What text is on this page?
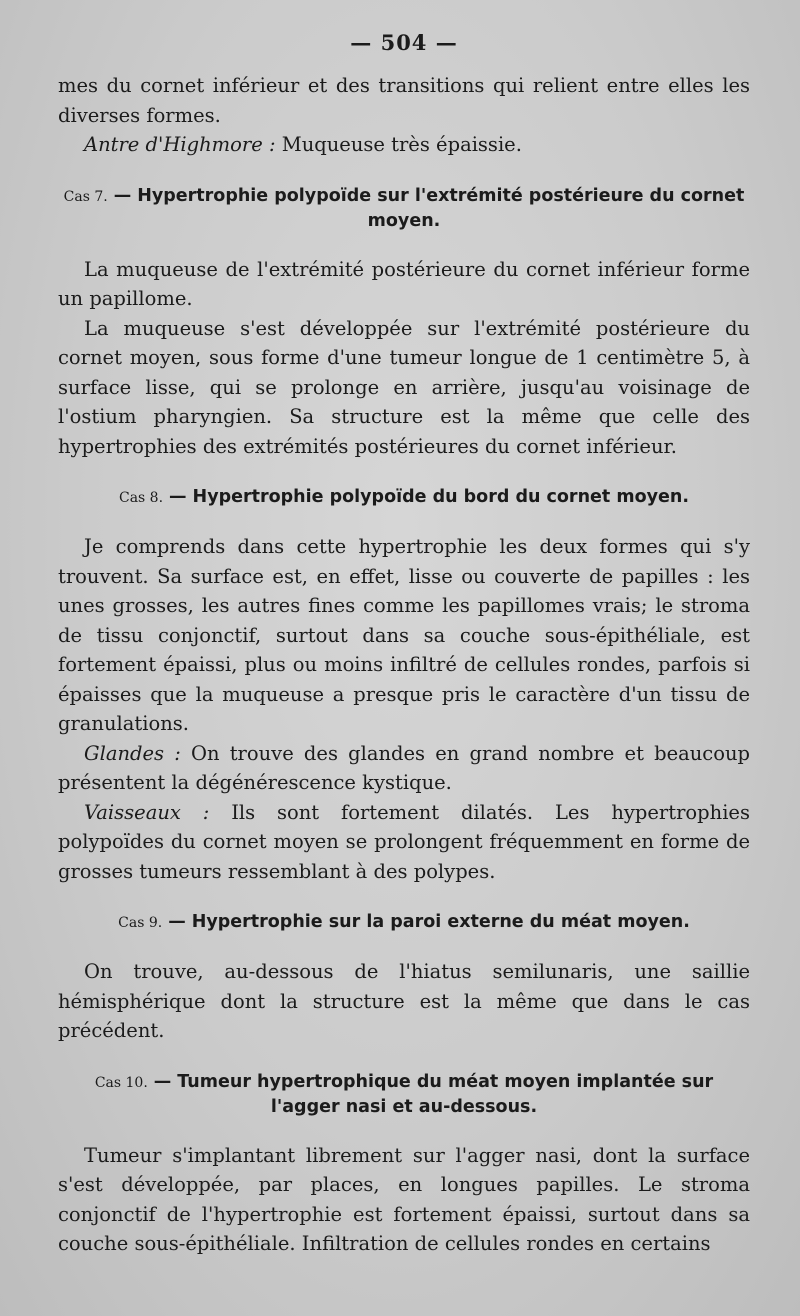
— 504 —

mes du cornet inférieur et des transitions qui relient entre elles les diverses formes.

Antre d'Highmore : Muqueuse très épaissie.

Cas 7. — Hypertrophie polypoïde sur l'extrémité postérieure du cornet moyen.

La muqueuse de l'extrémité postérieure du cornet inférieur forme un papillome.

La muqueuse s'est développée sur l'extrémité postérieure du cornet moyen, sous forme d'une tumeur longue de 1 centimètre 5, à surface lisse, qui se prolonge en arrière, jusqu'au voisinage de l'ostium pharyngien. Sa structure est la même que celle des hypertrophies des extrémités postérieures du cornet inférieur.

Cas 8. — Hypertrophie polypoïde du bord du cornet moyen.

Je comprends dans cette hypertrophie les deux formes qui s'y trouvent. Sa surface est, en effet, lisse ou couverte de papilles : les unes grosses, les autres fines comme les papillomes vrais; le stroma de tissu conjonctif, surtout dans sa couche sous-épithéliale, est fortement épaissi, plus ou moins infiltré de cellules rondes, parfois si épaisses que la muqueuse a presque pris le caractère d'un tissu de granulations.

Glandes : On trouve des glandes en grand nombre et beaucoup présentent la dégénérescence kystique.

Vaisseaux : Ils sont fortement dilatés. Les hypertrophies polypoïdes du cornet moyen se prolongent fréquemment en forme de grosses tumeurs ressemblant à des polypes.

Cas 9. — Hypertrophie sur la paroi externe du méat moyen.

On trouve, au-dessous de l'hiatus semilunaris, une saillie hémisphérique dont la structure est la même que dans le cas précédent.

Cas 10. — Tumeur hypertrophique du méat moyen implantée sur l'agger nasi et au-dessous.

Tumeur s'implantant librement sur l'agger nasi, dont la surface s'est développée, par places, en longues papilles. Le stroma conjonctif de l'hypertrophie est fortement épaissi, surtout dans sa couche sous-épithéliale. Infiltration de cellules rondes en certains
